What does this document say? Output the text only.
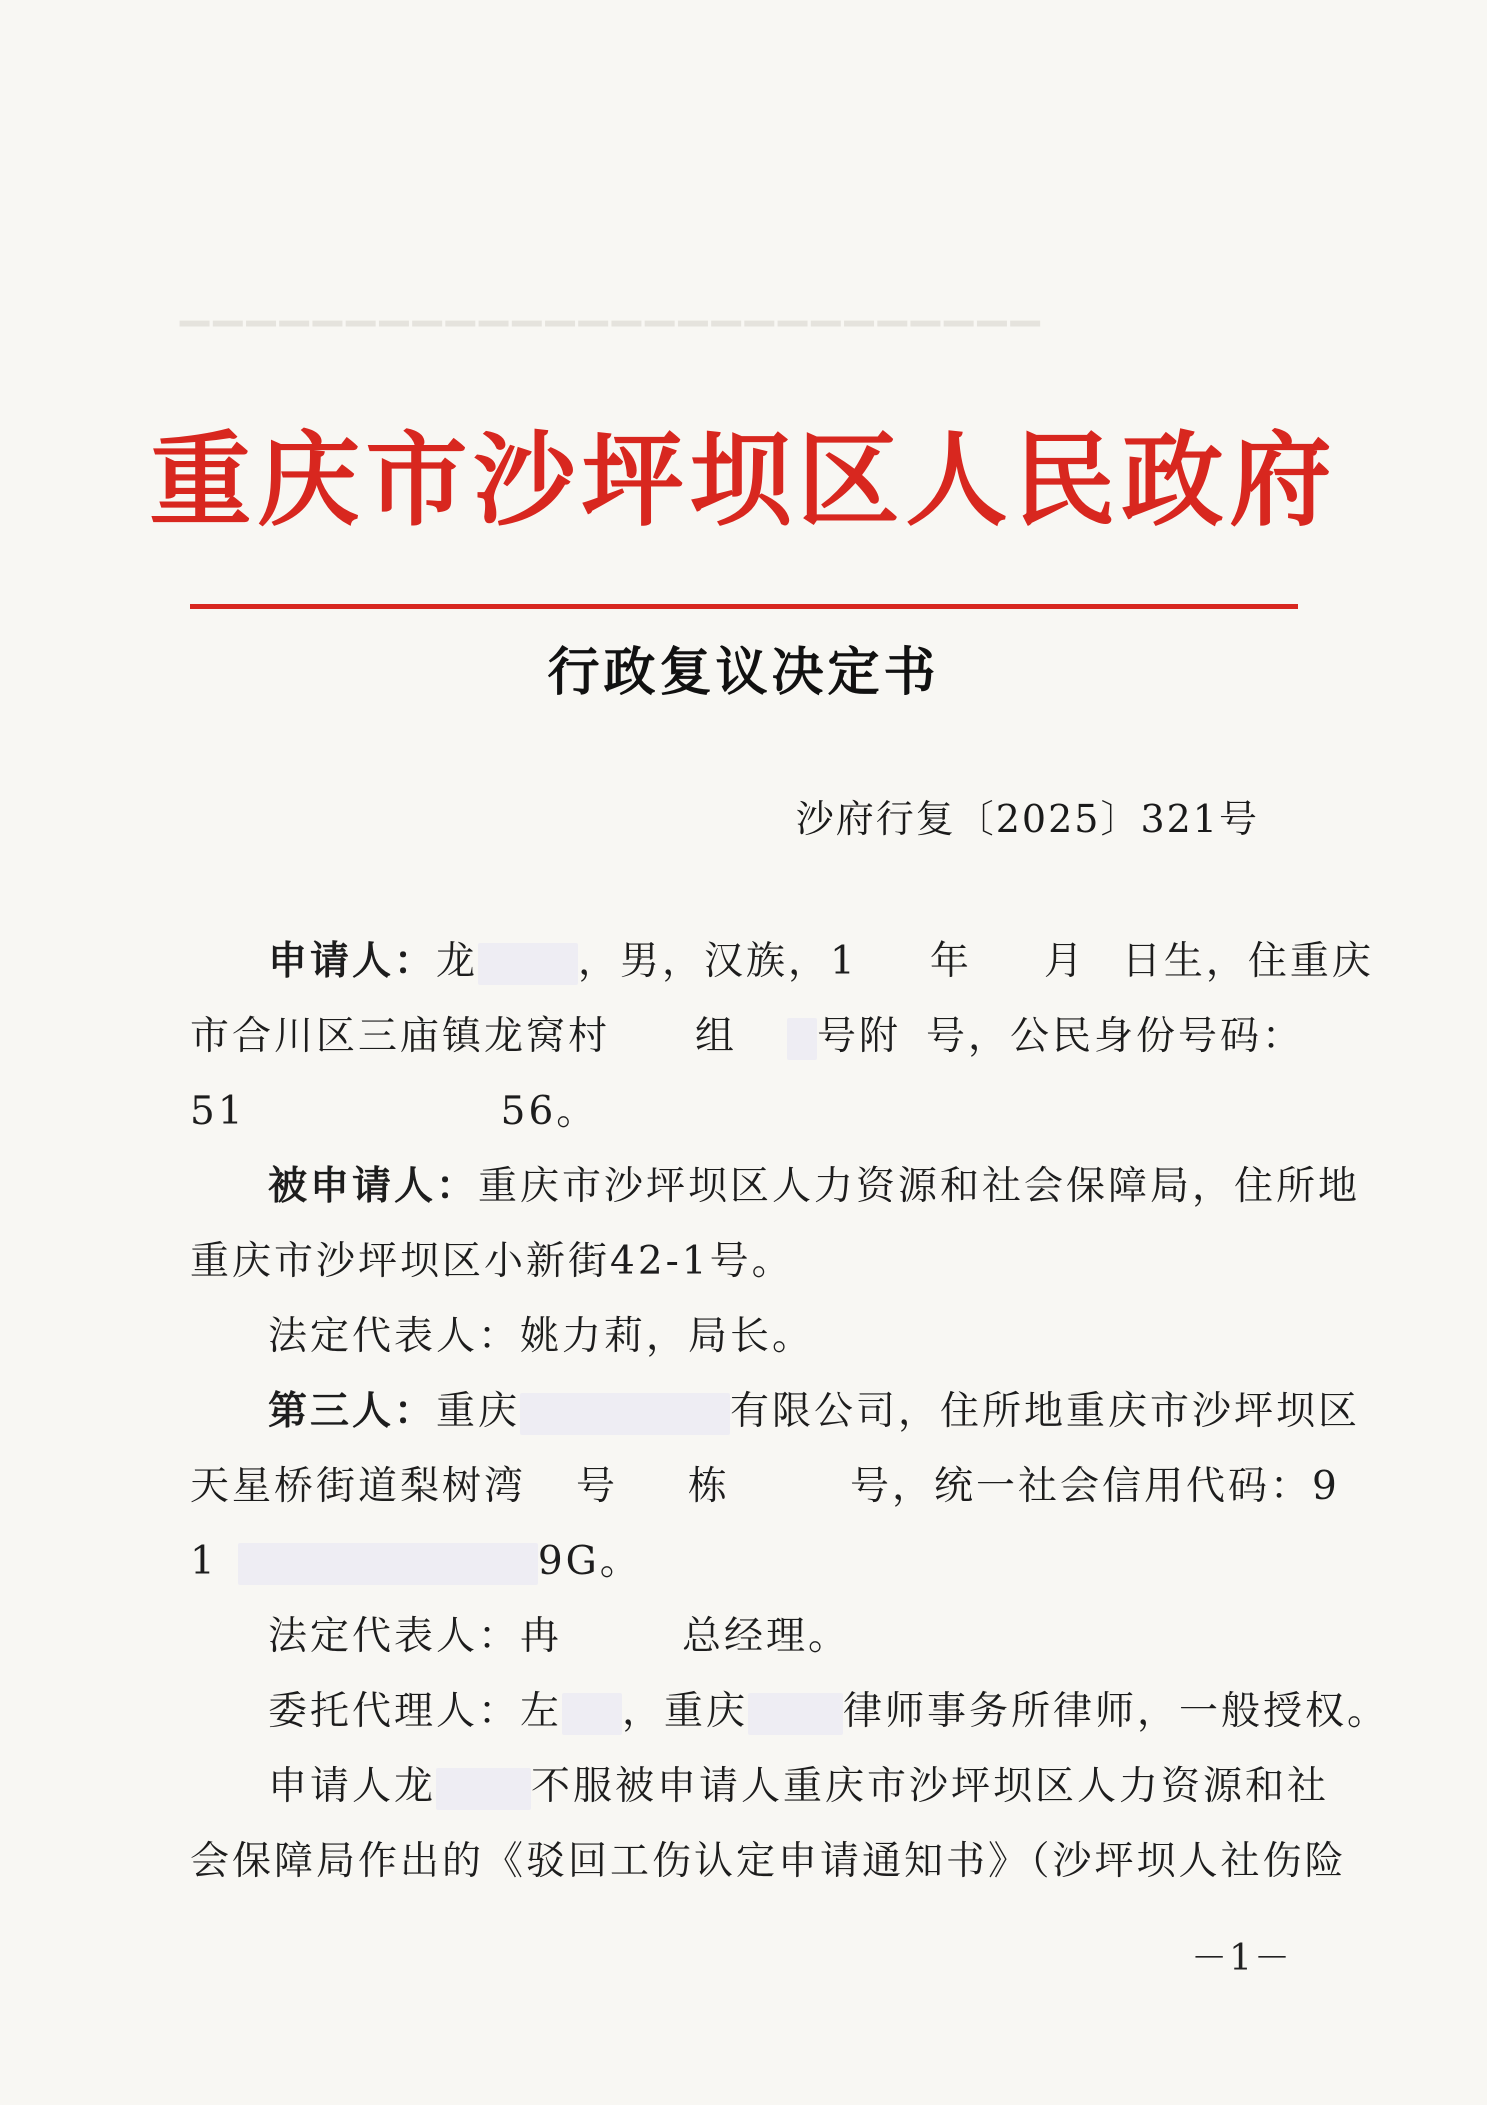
▁▁▁▁▁▁▁▁▁▁▁▁▁▁▁▁▁▁▁▁▁▁▁▁▁▁
重庆市沙坪坝区人民政府
行政复议决定书
沙府行复〔2025〕321号
申请人：龙	，男，汉族，1 年 月 日生，住重庆
市合川区三庙镇龙窝村 组 号附 号，公民身份号码：
51	56。
被申请人：重庆市沙坪坝区人力资源和社会保障局，住所地
重庆市沙坪坝区小新街42-1号。
法定代表人：姚力莉，局长。
第三人：重庆	有限公司，住所地重庆市沙坪坝区
天星桥街道梨树湾 号 栋	号，统一社会信用代码：9
1	9G。
法定代表人：冉	总经理。
委托代理人：左 ，重庆 律师事务所律师，一般授权。
申请人龙 不服被申请人重庆市沙坪坝区人力资源和社
会保障局作出的《驳回工伤认定申请通知书》（沙坪坝人社伤险
－1－
